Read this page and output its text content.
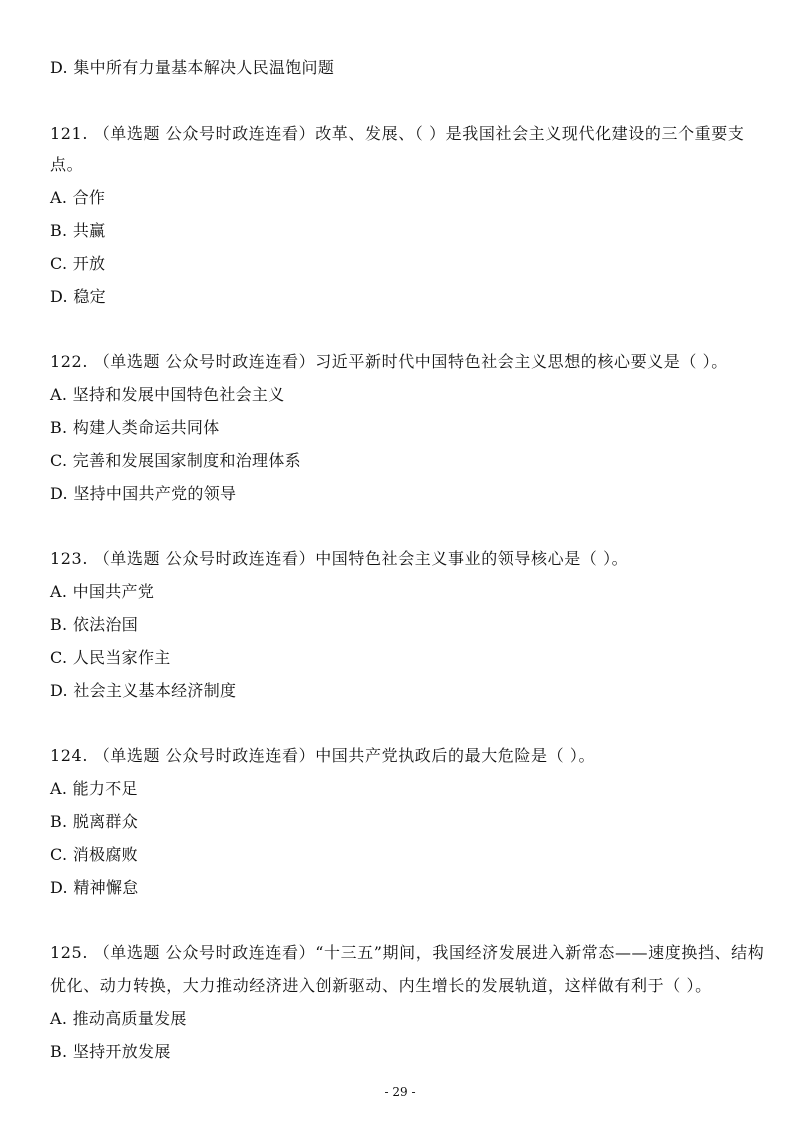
D. 集中所有力量基本解决人民温饱问题
121. （单选题 公众号时政连连看）改革、发展、（ ）是我国社会主义现代化建设的三个重要支
点。
A. 合作
B. 共赢
C. 开放
D. 稳定
122. （单选题 公众号时政连连看）习近平新时代中国特色社会主义思想的核心要义是（ ）。
A. 坚持和发展中国特色社会主义
B. 构建人类命运共同体
C. 完善和发展国家制度和治理体系
D. 坚持中国共产党的领导
123. （单选题 公众号时政连连看）中国特色社会主义事业的领导核心是（ ）。
A. 中国共产党
B. 依法治国
C. 人民当家作主
D. 社会主义基本经济制度
124. （单选题 公众号时政连连看）中国共产党执政后的最大危险是（ ）。
A. 能力不足
B. 脱离群众
C. 消极腐败
D. 精神懈怠
125. （单选题 公众号时政连连看）“十三五”期间，我国经济发展进入新常态——速度换挡、结构
优化、动力转换，大力推动经济进入创新驱动、内生增长的发展轨道，这样做有利于（ ）。
A. 推动高质量发展
B. 坚持开放发展
- 29 -
